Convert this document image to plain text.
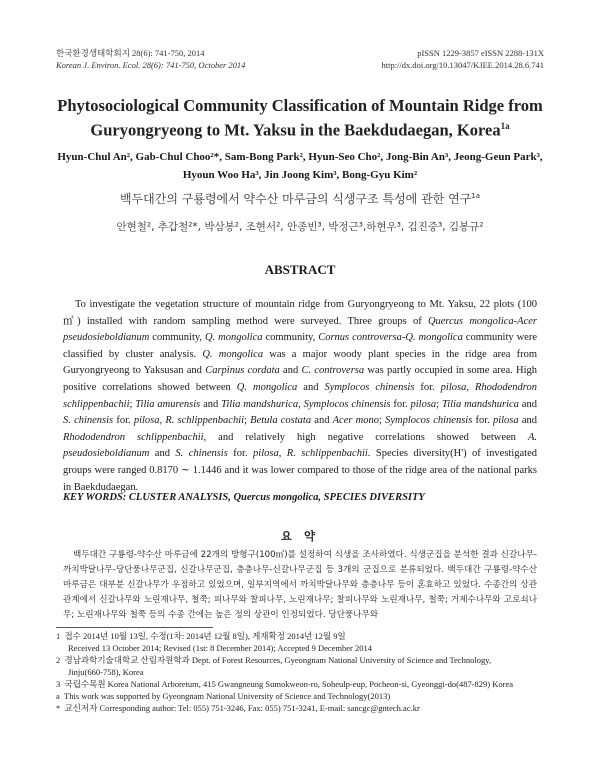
한국환경생태학회지 28(6): 741-750, 2014
Korean J. Environ. Ecol. 28(6): 741-750, October 2014
pISSN 1229-3857 eISSN 2288-131X
http://dx.doi.org/10.13047/KJEE.2014.28.6.741
Phytosociological Community Classification of Mountain Ridge from
Guryongryeong to Mt. Yaksu in the Baekdudaegan, Korea$^{1a}$
Hyun-Chul An², Gab-Chul Choo²*, Sam-Bong Park², Hyun-Seo Cho², Jong-Bin An³, Jeong-Geun Park³,
Hyoun Woo Ha³, Jin Joong Kim³, Bong-Gyu Kim²
백두대간의 구룡령에서 약수산 마루금의 식생구조 특성에 관한 연구$^{1a}$
안현철², 추갑철²*, 박삼봉², 조현서², 안종빈³, 박정근³,하현우³, 김진중³, 김봉규²
ABSTRACT

To investigate the vegetation structure of mountain ridge from Guryongryeong to Mt. Yaksu, 22 plots (100 ㎡) installed with random sampling method were surveyed. Three groups of Quercus mongolica-Acer pseudosieboldianum community, Q. mongolica community, Cornus controversa-Q. mongolica community were classified by cluster analysis. Q. mongolica was a major woody plant species in the ridge area from Guryongryeong to Yaksusan and Carpinus cordata and C. controversa was partly occupied in some area. High positive correlations showed between Q. mongolica and Symplocos chinensis for. pilosa, Rhododendron schlippenbachii; Tilia amurensis and Tilia mandshurica, Symplocos chinensis for. pilosa; Tilia mandshurica and S. chinensis for. pilosa, R. schlippenbachii; Betula costata and Acer mono; Symplocos chinensis for. pilosa and Rhododendron schlippenbachii, and relatively high negative correlations showed between A. pseudosieboldianum and S. chinensis for. pilosa, R. schlippenbachii. Species diversity(H') of investigated groups were ranged 0.8170 ∼ 1.1446 and it was lower compared to those of the ridge area of the national parks in Baekdudaegan.

KEY WORDS: CLUSTER ANALYSIS, Quercus mongolica, SPECIES DIVERSITY
요 약

백두대간 구룡령-약수산 마루금에 22개의 방형구(100㎡)를 설정하여 식생을 조사하였다. 식생군집을 분석한 결과 신갈나무-까치박달나무-당단풍나무군집, 신갈나무군집, 층층나무-신갈나무군집 등 3개의 군집으로 분류되었다. 백두대간 구룡령-약수산 마루금은 대부분 신갈나무가 우점하고 있었으며, 일부지역에서 까치박달나무와 층층나무 등이 혼효하고 있었다. 수종간의 상관관계에서 신갈나무와 노린재나무, 철쭉; 피나무와 찰피나무, 노린재나무; 찰피나무와 노린재나무, 철쭉; 거제수나무와 고로쇠나무; 노린재나무와 철쭉 등의 수종 간에는 높은 정의 상관이 인정되었다. 당단풍나무와

1 접수 2014년 10월 13일, 수정(1차: 2014년 12월 8일), 게재확정 2014년 12월 9일
Received 13 October 2014; Revised (1st: 8 December 2014); Accepted 9 December 2014
2 경남과학기술대학교 산림자원학과 Dept. of Forest Resources, Gyeongnam National University of Science and Technology,
Jinju(660-758), Korea
3 국립수목원 Korea National Arboretum, 415 Gwangneung Sumokweon-ro, Soheulp-eup, Pocheon-si, Gyeonggi-do(487-829) Korea
a This work was supported by Gyeongnam National University of Science and Technology(2013)
* 교신저자 Corresponding author: Tel: 055) 751-3246, Fax: 055) 751-3241, E-mail: sancgc@gntech.ac.kr
